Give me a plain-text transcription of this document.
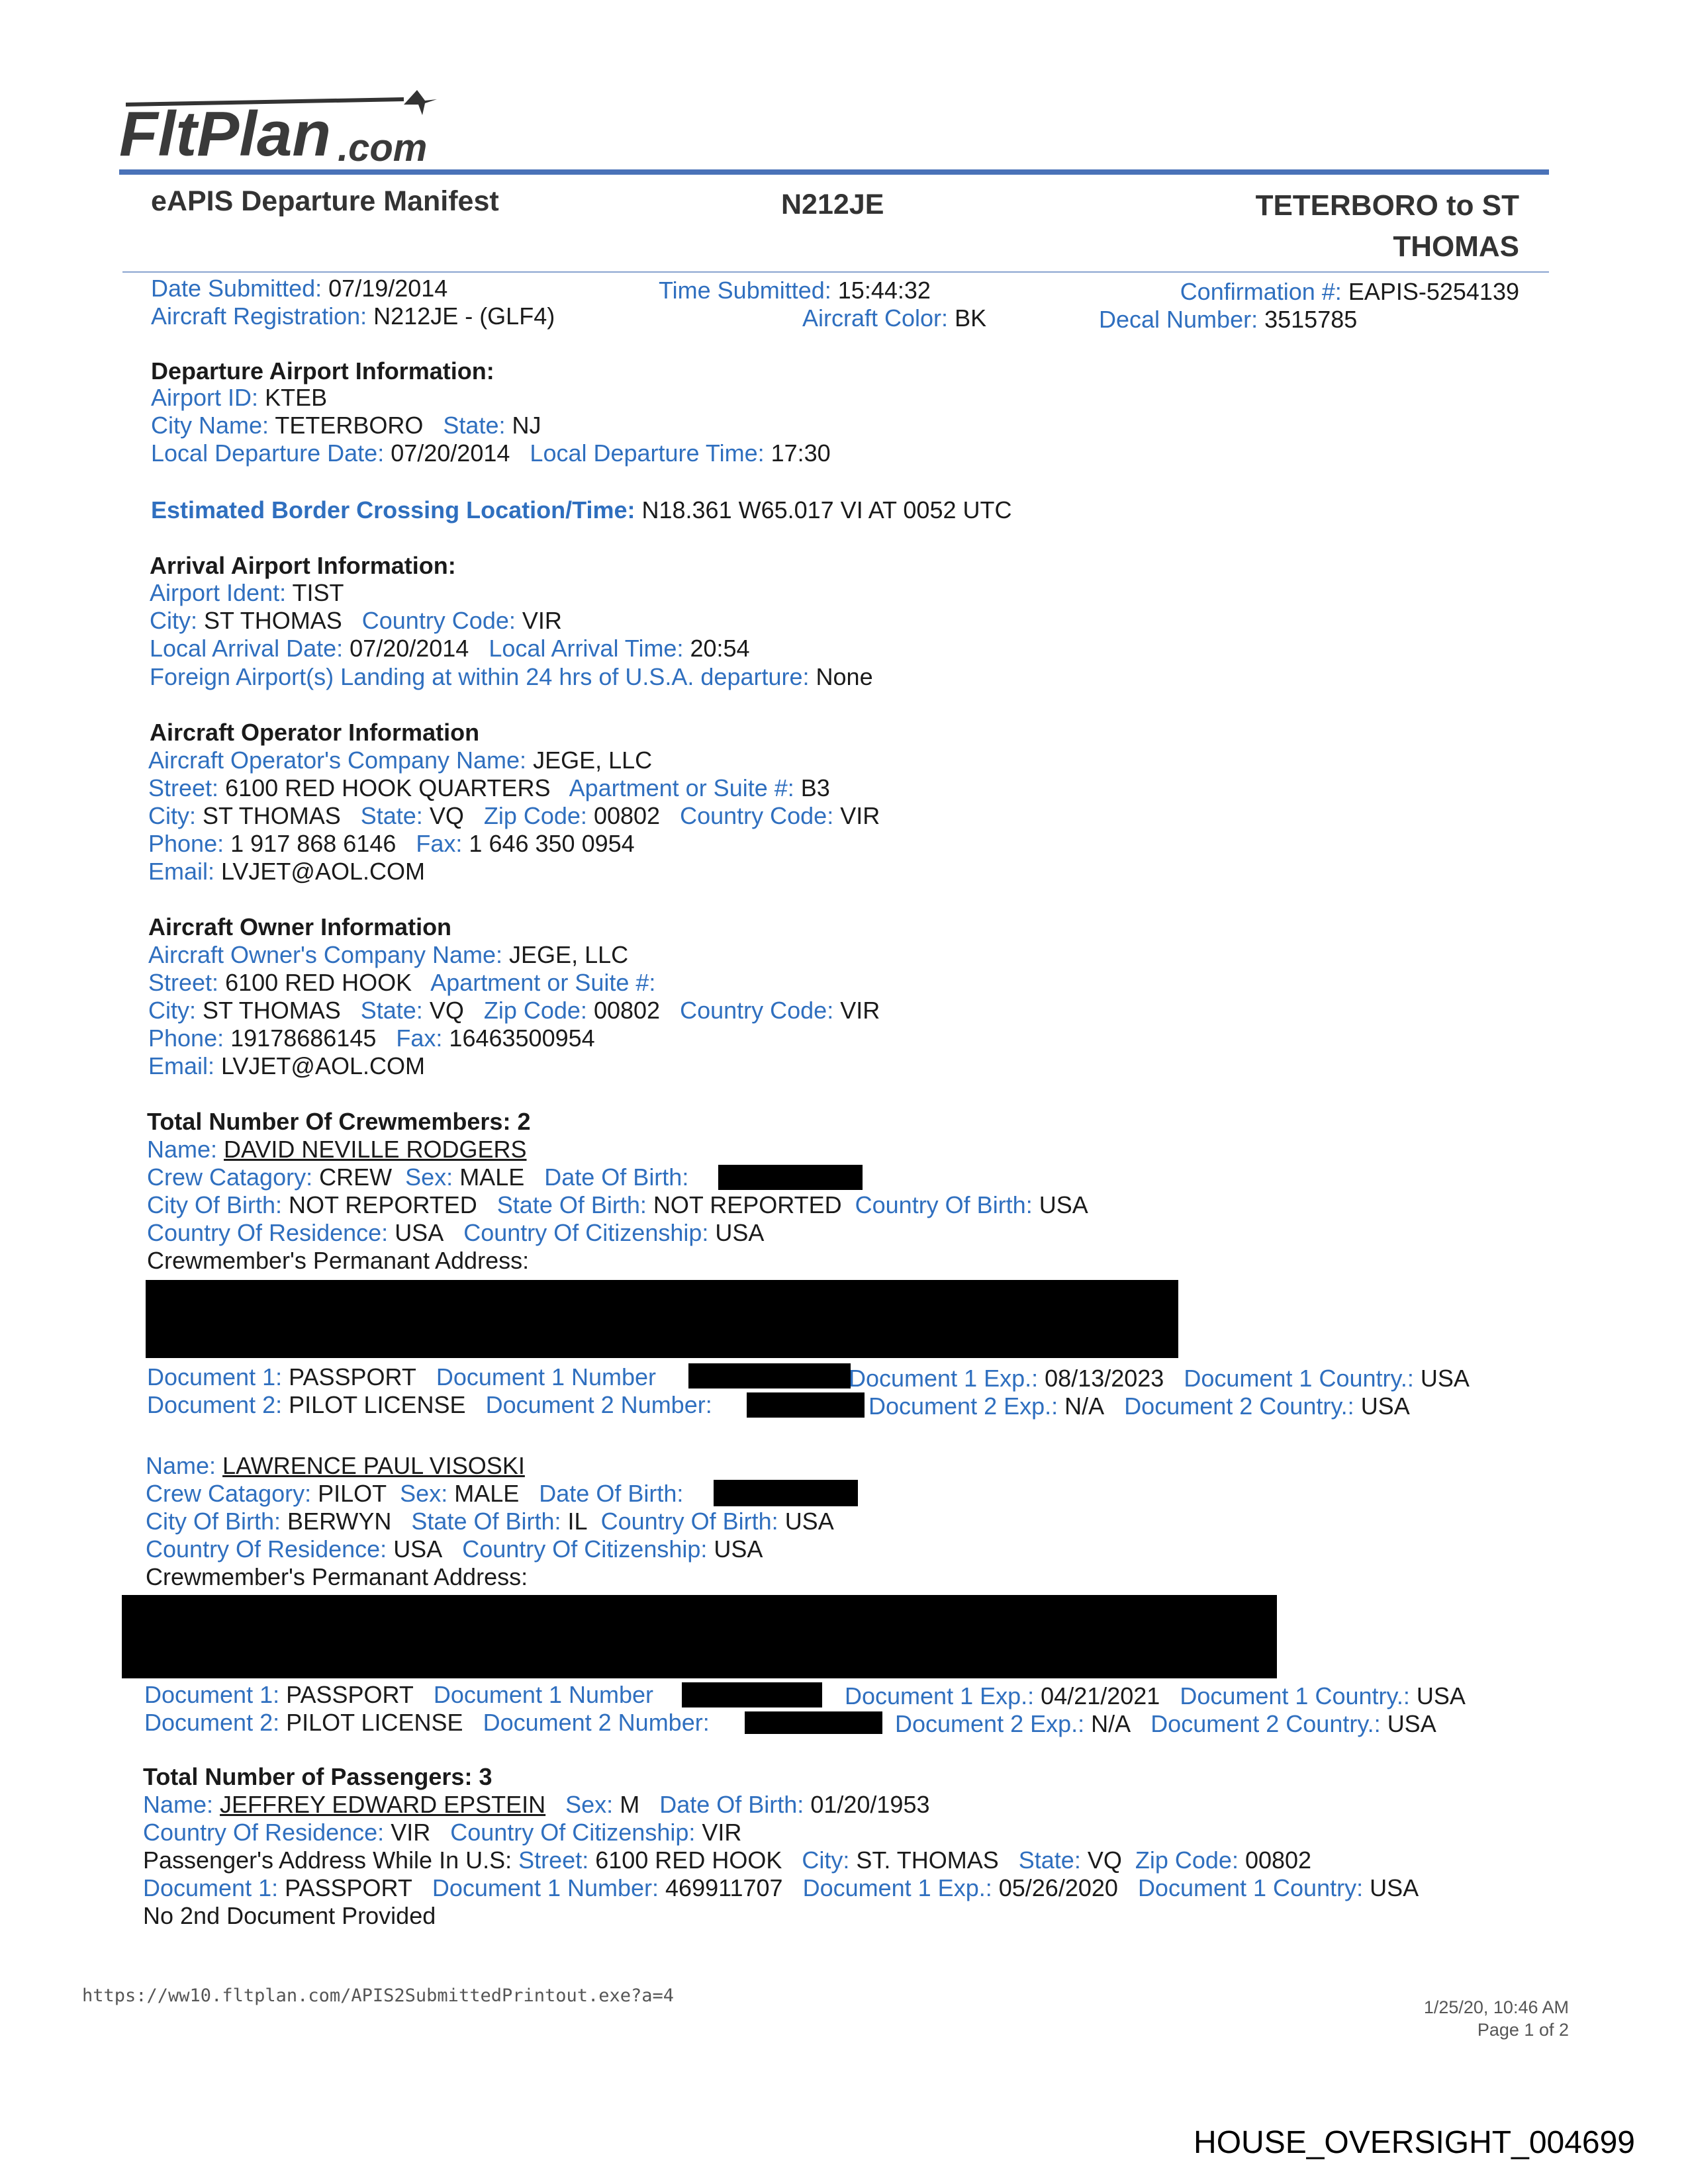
FltPlan .com
eAPIS Departure Manifest	N212JE	TETERBORO to ST
THOMAS
Date Submitted: 07/19/2014	Time Submitted: 15:44:32	Confirmation #: EAPIS-5254139
Aircraft Registration: N212JE - (GLF4)	Aircraft Color: BK	Decal Number: 3515785
Departure Airport Information:
Airport ID: KTEB
City Name: TETERBORO State: NJ
Local Departure Date: 07/20/2014 Local Departure Time: 17:30
Estimated Border Crossing Location/Time: N18.361 W65.017 VI AT 0052 UTC
Arrival Airport Information:
Airport Ident: TIST
City: ST THOMAS Country Code: VIR
Local Arrival Date: 07/20/2014 Local Arrival Time: 20:54
Foreign Airport(s) Landing at within 24 hrs of U.S.A. departure: None
Aircraft Operator Information
Aircraft Operator's Company Name: JEGE, LLC
Street: 6100 RED HOOK QUARTERS Apartment or Suite #: B3
City: ST THOMAS State: VQ Zip Code: 00802 Country Code: VIR
Phone: 1 917 868 6146 Fax: 1 646 350 0954
Email: LVJET@AOL.COM
Aircraft Owner Information
Aircraft Owner's Company Name: JEGE, LLC
Street: 6100 RED HOOK Apartment or Suite #:
City: ST THOMAS State: VQ Zip Code: 00802 Country Code: VIR
Phone: 19178686145 Fax: 16463500954
Email: LVJET@AOL.COM
Total Number Of Crewmembers: 2
Name: DAVID NEVILLE RODGERS
Crew Catagory: CREW Sex: MALE Date Of Birth:
City Of Birth: NOT REPORTED State Of Birth: NOT REPORTED Country Of Birth: USA
Country Of Residence: USA Country Of Citizenship: USA
Crewmember's Permanant Address:
Document 1: PASSPORT Document 1 Number	Document 1 Exp.: 08/13/2023 Document 1 Country.: USA
Document 2: PILOT LICENSE Document 2 Number:	Document 2 Exp.: N/A Document 2 Country.: USA
Name: LAWRENCE PAUL VISOSKI
Crew Catagory: PILOT Sex: MALE Date Of Birth:
City Of Birth: BERWYN State Of Birth: IL Country Of Birth: USA
Country Of Residence: USA Country Of Citizenship: USA
Crewmember's Permanant Address:
Document 1: PASSPORT Document 1 Number	Document 1 Exp.: 04/21/2021 Document 1 Country.: USA
Document 2: PILOT LICENSE Document 2 Number:	Document 2 Exp.: N/A Document 2 Country.: USA
Total Number of Passengers: 3
Name: JEFFREY EDWARD EPSTEIN Sex: M Date Of Birth: 01/20/1953
Country Of Residence: VIR Country Of Citizenship: VIR
Passenger's Address While In U.S: Street: 6100 RED HOOK City: ST. THOMAS State: VQ Zip Code: 00802
Document 1: PASSPORT Document 1 Number: 469911707 Document 1 Exp.: 05/26/2020 Document 1 Country: USA
No 2nd Document Provided
https://ww10.fltplan.com/APIS2SubmittedPrintout.exe?a=4
1/25/20, 10:46 AM
Page 1 of 2
HOUSE_OVERSIGHT_004699
